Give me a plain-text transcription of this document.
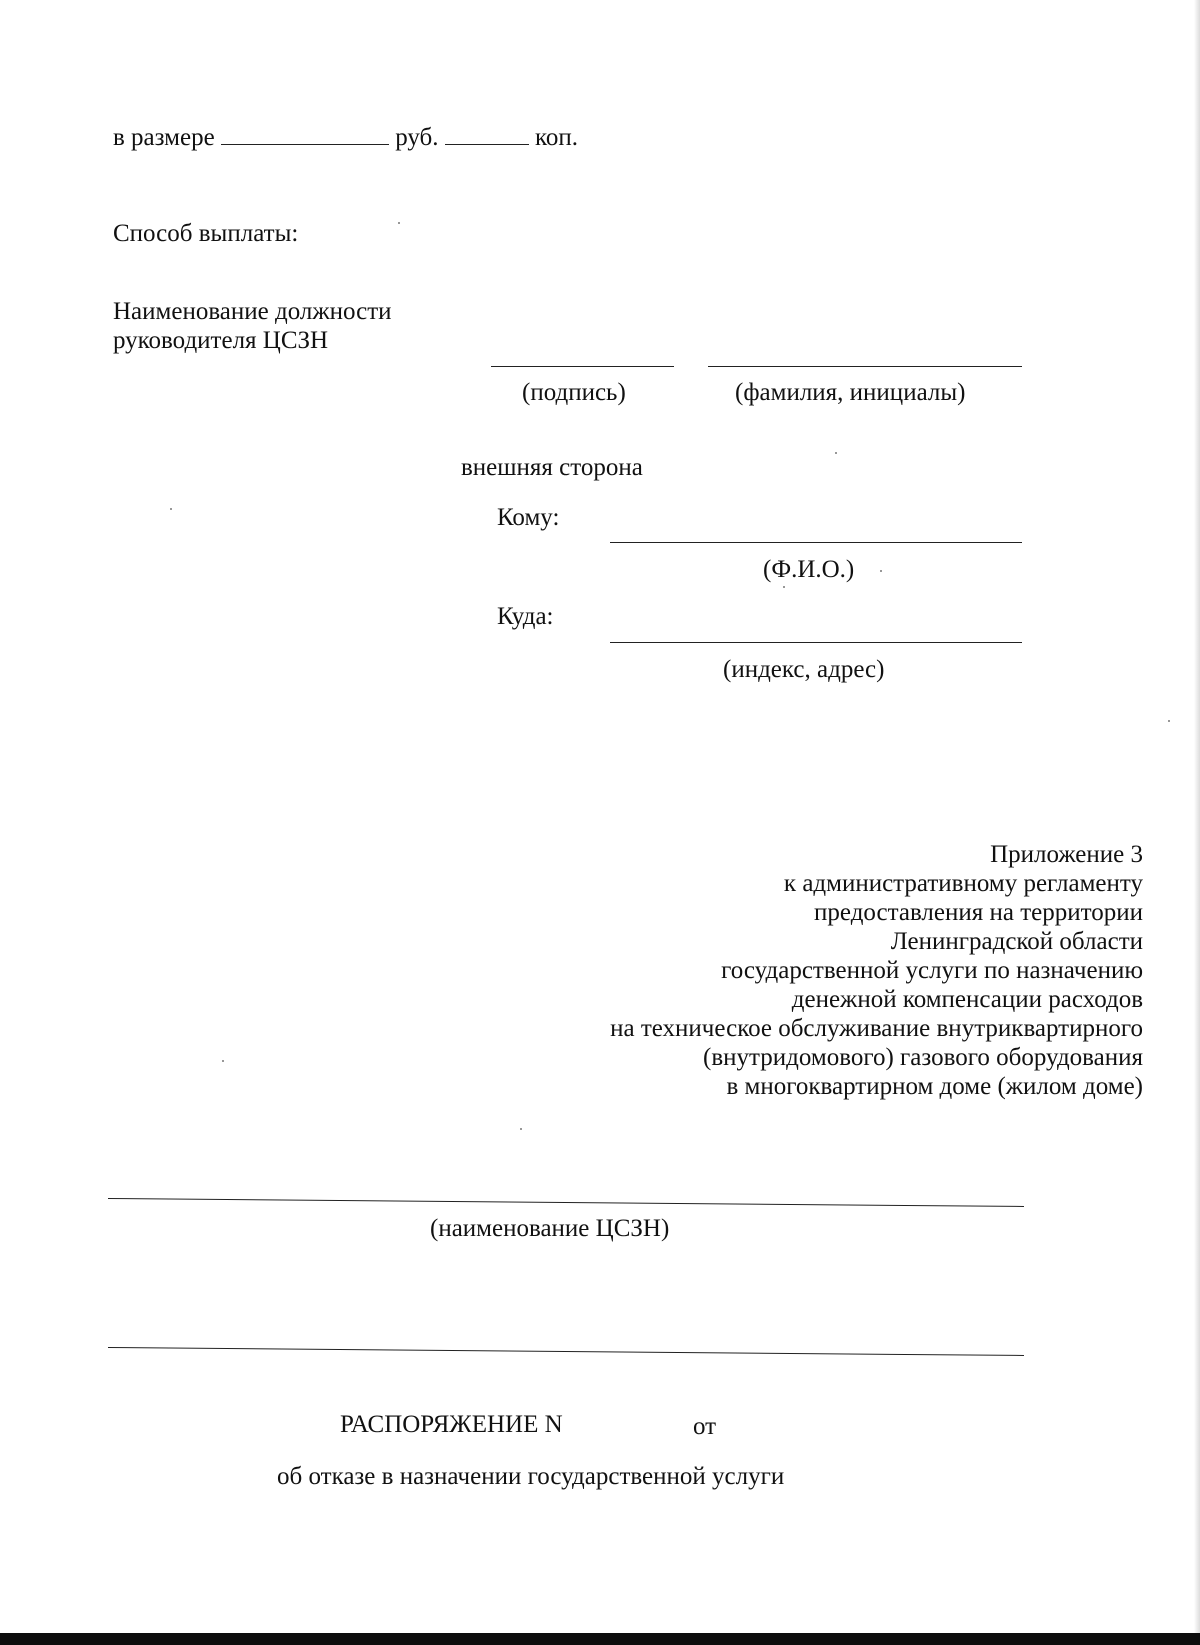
в размере	руб.	коп.
Способ выплаты:
Наименование должности
руководителя ЦСЗН
(подпись)	(фамилия, инициалы)
внешняя сторона
Кому:
(Ф.И.О.)
Куда:
(индекс, адрес)
Приложение 3
к административному регламенту
предоставления на территории
Ленинградской области
государственной услуги по назначению
денежной компенсации расходов
на техническое обслуживание внутриквартирного
(внутридомового) газового оборудования
в многоквартирном доме (жилом доме)
(наименование ЦСЗН)
РАСПОРЯЖЕНИЕ N	от
об отказе в назначении государственной услуги
